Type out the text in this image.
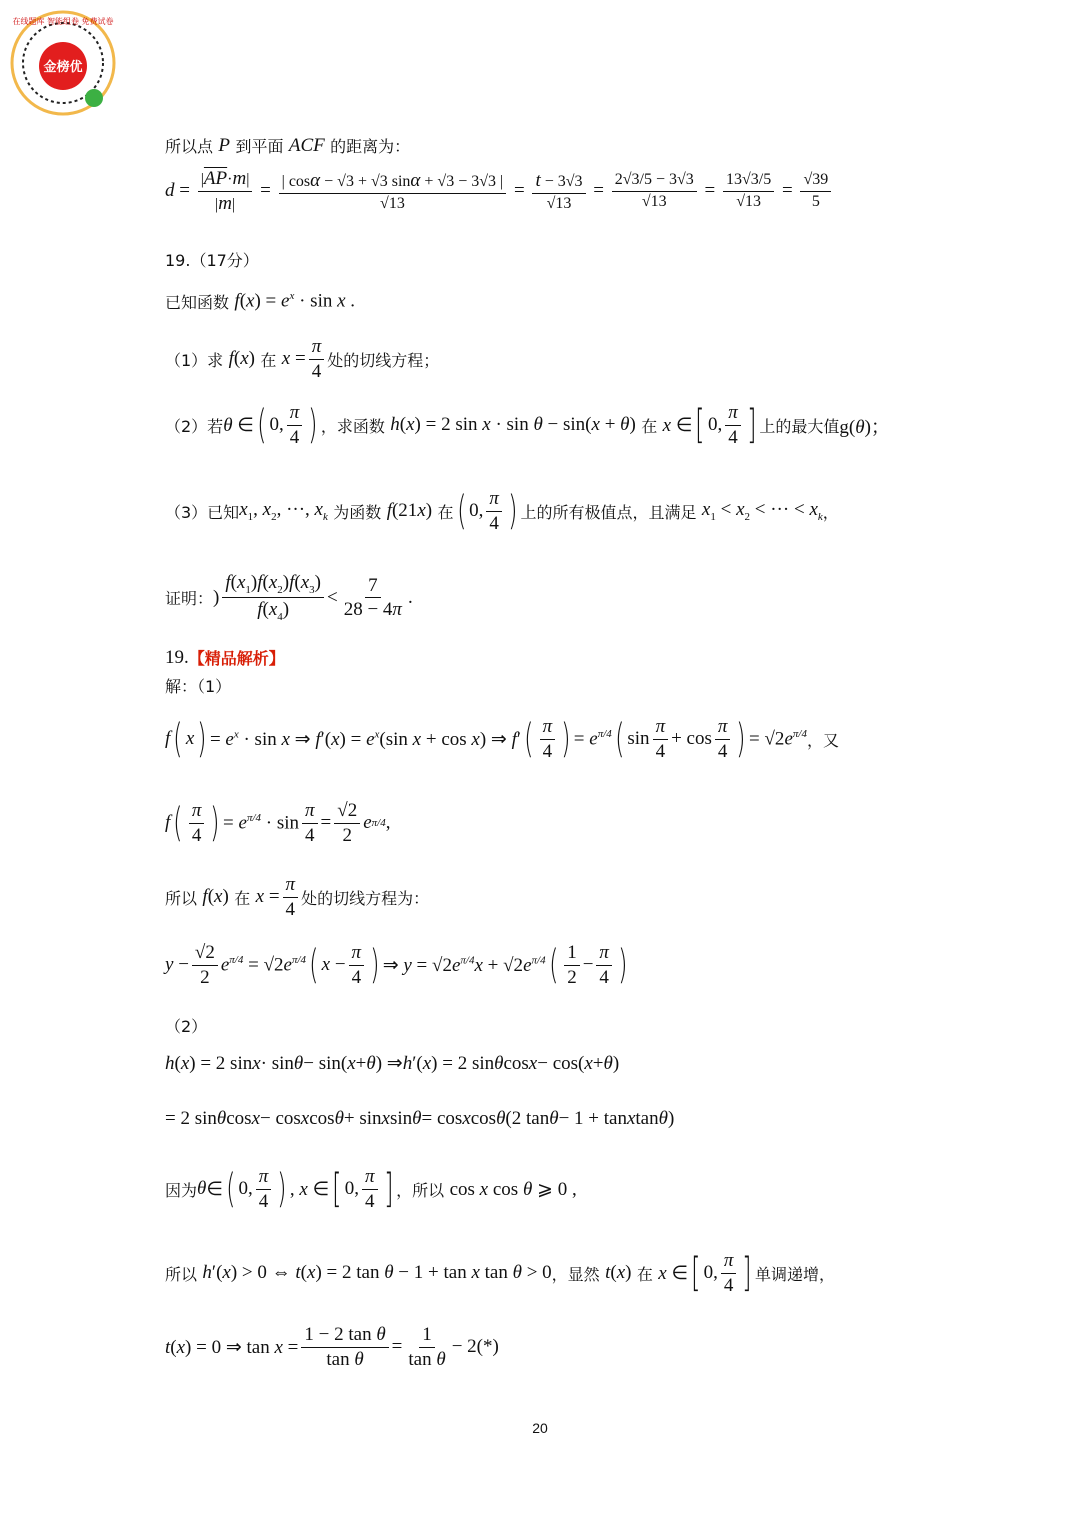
金榜优
在线题库 智能组卷 免费试卷
所以点
P
到平面
ACF
的距离为：
$d = \frac{|\overline{AP}\cdot m|}{|m|} = \frac{| \cos\alpha - √3 + √3 \sin\alpha + √3 - 3√3 |}{√13} = \frac{t - 3√3}{√13} = \frac{2√3/5 - 3√3}{√13} = \frac{13√3/5}{√13} = \frac{√39}{5}$
19.（17分）
已知函数
$f(x) = e^x \cdot \sin x$ .
（1）求
f(x)
在
$x = \frac{\pi}{4}$ 处的切线方程；
（2）若 θ ∈ ( 0, $\frac{\pi}{4}$ ) ，求函数
h(x) = 2 sin x · sin θ − sin(x + θ)
在
x ∈ [ 0, $\frac{\pi}{4}$ ] 上的最大值 g(θ)；
（3）已知 $x_1$, $x_2$, ···, $x_k$
为函数
f(21x)
在 ( 0, $\frac{\pi}{4}$ ) 上的所有极值点，且满足
$x_1 < x_2$ < ··· < $x_k$ ，
证明： ) $\frac{f(x_1)f(x_2)f(x_3)}{f(x_4)} < \frac{7}{28 - 4\pi}$ .
19. 【精品解析】
解：（1）
f ( x ) = $e^x \cdot \sin x$ ⇒ $f'(x) = e^x(\sin$ x + cos x) ⇒ f′ ( $\frac{\pi}{4}$ ) = $e^{\pi/4}$ ( $\sin \frac{\pi}{4} + \cos \frac{\pi}{4}$ ) = $√2e^{\pi/4}$ ，又
f ( $\frac{\pi}{4}$ ) = $e^{\pi/4} \cdot \sin \frac{\pi}{4} = \frac{√2}{2}$ e π/4 ,
所以
f(x)
在
$x = \frac{\pi}{4}$ 处的切线方程为：
$y - \frac{√2}{2} e^{\pi/4} = √2e^{\pi/4}$ ( $x - \frac{\pi}{4}$ ) ⇒ $y = √2e^{\pi/4}x + √2e^{\pi/4}$ ( $\frac{1}{2} - \frac{\pi}{4}$ )
（2）
h ( x ) = 2 sin x · sin θ − sin( x + θ ) ⇒ h ′( x ) = 2 sin θ cos x − cos( x + θ )
= 2 sin θ cos x − cos x cos θ + sin x sin θ = cos x cos θ (2 tan θ − 1 + tan x tan θ )
因为 θ ∈ ( 0, $\frac{\pi}{4}$ ) , x ∈ [ 0, $\frac{\pi}{4}$ ] ，所以
cos x cos θ ⩾ 0 ,
所以
h′(x) > 0 ⇔ t(x) = 2 tan θ − 1 + tan x tan θ > 0 ，显然
t(x)
在
x ∈ [ 0, $\frac{\pi}{4}$ ] 单调递增，
t(x) = 0 ⇒ $\tan x = \frac{\text{1 − 2 tan θ}}{\text{tan θ}} = \frac{1}{\text{tan θ}} - 2(*)$
20
